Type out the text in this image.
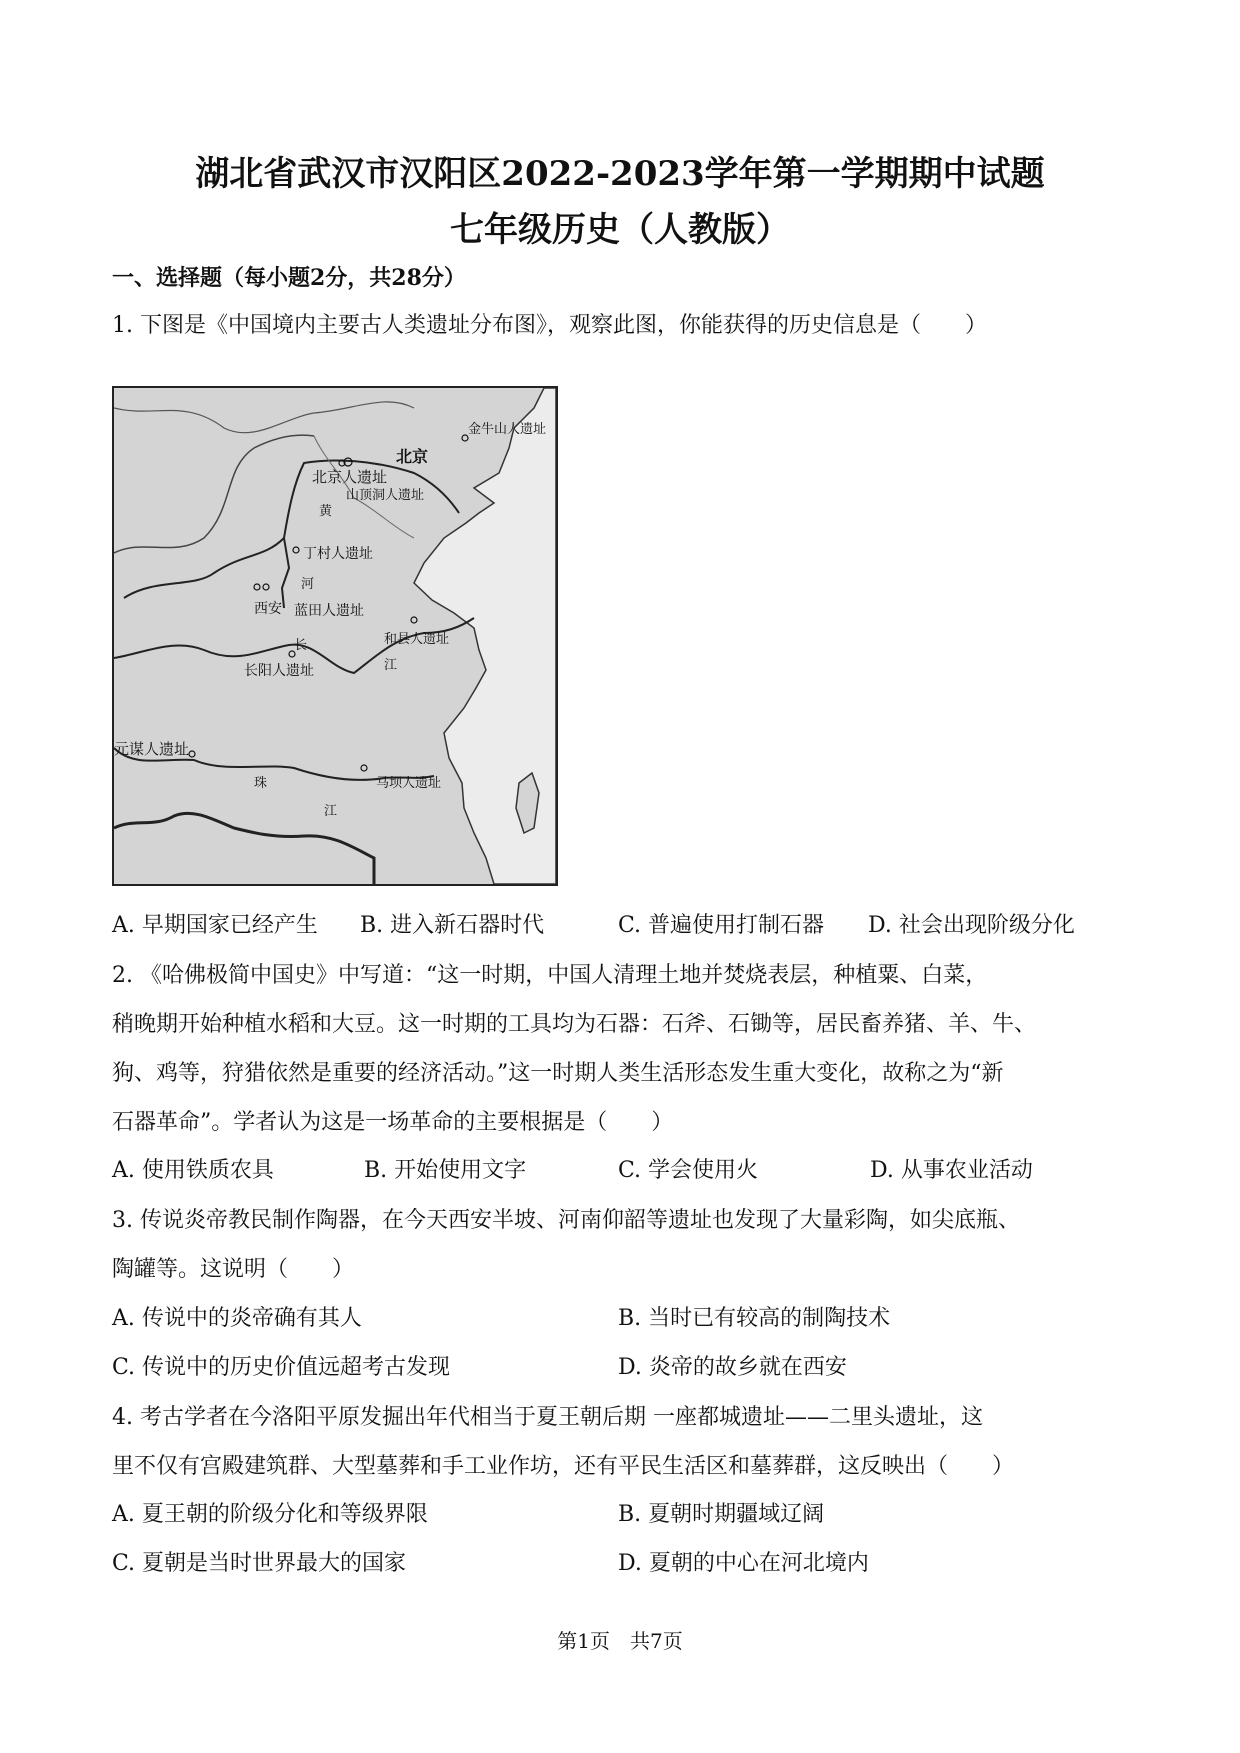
湖北省武汉市汉阳区2022-2023学年第一学期期中试题
七年级历史（人教版）
一、选择题（每小题2分，共28分）
1. 下图是《中国境内主要古人类遗址分布图》，观察此图，你能获得的历史信息是（　　）
金牛山人遗址
北京
北京人遗址
山顶洞人遗址
黄
丁村人遗址
河
西安 蓝田人遗址
和县人遗址
长
江
长阳人遗址
元谋人遗址
珠
江
马坝人遗址
A. 早期国家已经产生 B. 进入新石器时代	C. 普遍使用打制石器 D. 社会出现阶级分化
2. 《哈佛极简中国史》中写道：“这一时期，中国人清理土地并焚烧表层，种植粟、白菜，
稍晚期开始种植水稻和大豆。这一时期的工具均为石器：石斧、石锄等，居民畜养猪、羊、牛、
狗、鸡等，狩猎依然是重要的经济活动。”这一时期人类生活形态发生重大变化，故称之为“新
石器革命”。学者认为这是一场革命的主要根据是（　　）
A. 使用铁质农具	B. 开始使用文字	C. 学会使用火	D. 从事农业活动
3. 传说炎帝教民制作陶器，在今天西安半坡、河南仰韶等遗址也发现了大量彩陶，如尖底瓶、
陶罐等。这说明（　　）
A. 传说中的炎帝确有其人	B. 当时已有较高的制陶技术
C. 传说中的历史价值远超考古发现	D. 炎帝的故乡就在西安
4. 考古学者在今洛阳平原发掘出年代相当于夏王朝后期 一座都城遗址——二里头遗址，这
里不仅有宫殿建筑群、大型墓葬和手工业作坊，还有平民生活区和墓葬群，这反映出（　　）
A. 夏王朝的阶级分化和等级界限	B. 夏朝时期疆域辽阔
C. 夏朝是当时世界最大的国家	D. 夏朝的中心在河北境内
第1页　共7页
